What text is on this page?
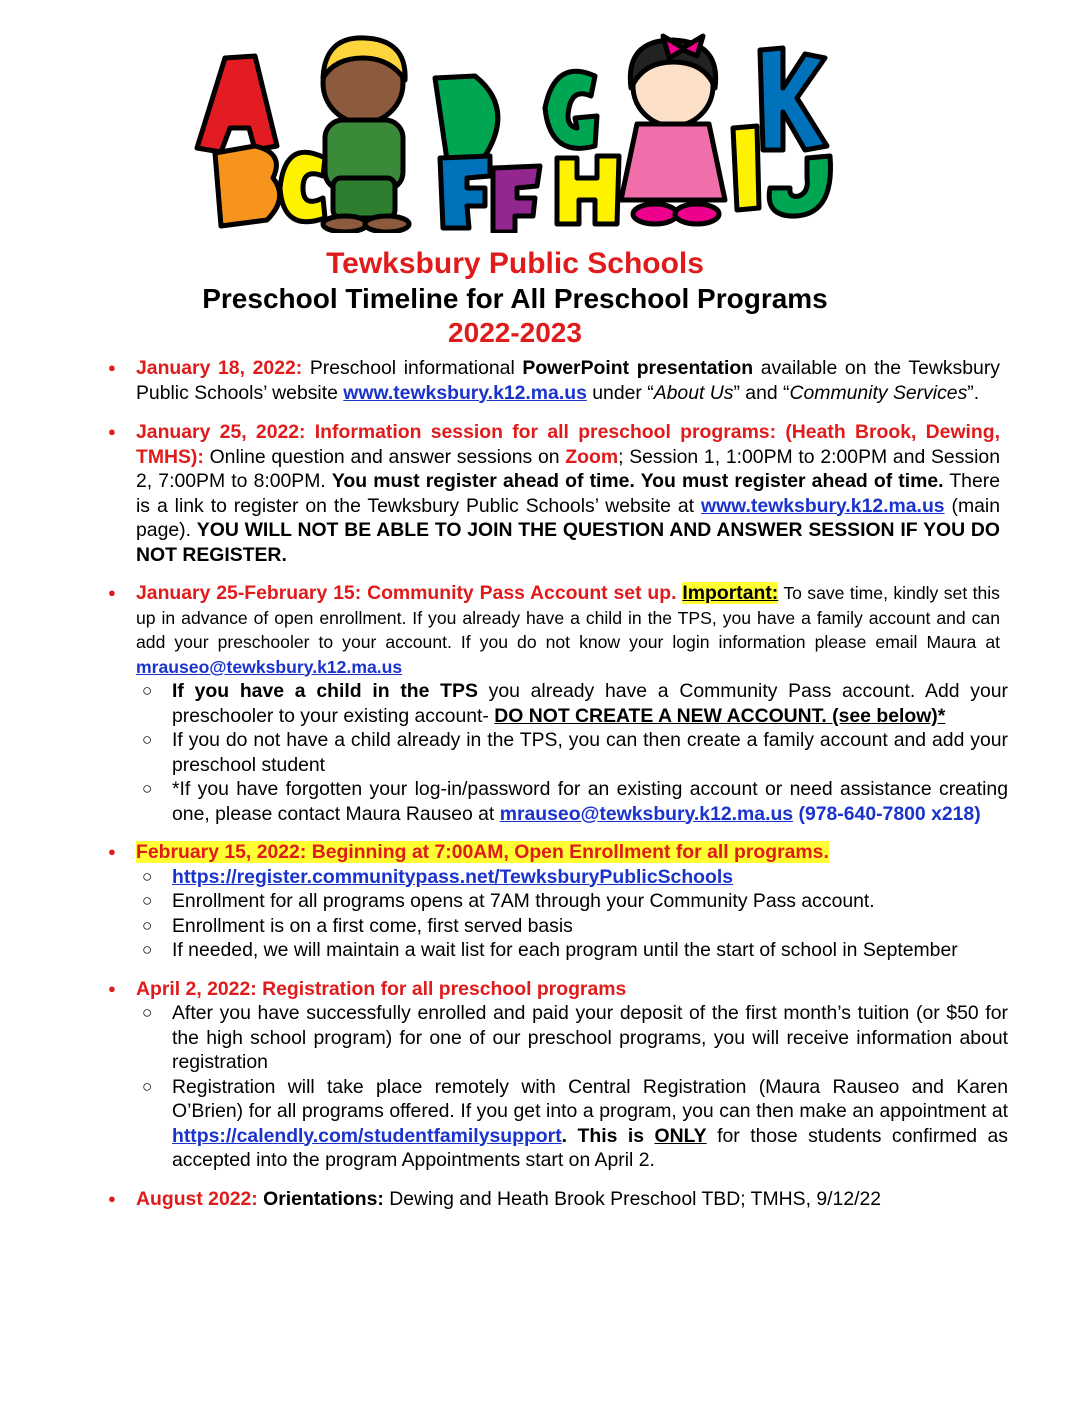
Tewksbury Public Schools
Preschool Timeline for All Preschool Programs
2022-2023
● January 18, 2022: Preschool informational PowerPoint presentation available on the Tewksbury Public Schools’ website www.tewksbury.k12.ma.us under “About Us” and “Community Services”.
● January 25, 2022: Information session for all preschool programs: (Heath Brook, Dewing, TMHS): Online question and answer sessions on Zoom; Session 1, 1:00PM to 2:00PM and Session 2, 7:00PM to 8:00PM. You must register ahead of time. You must register ahead of time. There is a link to register on the Tewksbury Public Schools’ website at www.tewksbury.k12.ma.us (main page). YOU WILL NOT BE ABLE TO JOIN THE QUESTION AND ANSWER SESSION IF YOU DO NOT REGISTER.
● January 25-February 15: Community Pass Account set up. Important: To save time, kindly set this up in advance of open enrollment. If you already have a child in the TPS, you have a family account and can add your preschooler to your account. If you do not know your login information please email Maura at mrauseo@tewksbury.k12.ma.us
○ If you have a child in the TPS you already have a Community Pass account. Add your preschooler to your existing account- DO NOT CREATE A NEW ACCOUNT. (see below)*
○ If you do not have a child already in the TPS, you can then create a family account and add your preschool student
○ *If you have forgotten your log-in/password for an existing account or need assistance creating one, please contact Maura Rauseo at mrauseo@tewksbury.k12.ma.us (978-640-7800 x218)
● February 15, 2022: Beginning at 7:00AM, Open Enrollment for all programs.
○ https://register.communitypass.net/TewksburyPublicSchools
○ Enrollment for all programs opens at 7AM through your Community Pass account.
○ Enrollment is on a first come, first served basis
○ If needed, we will maintain a wait list for each program until the start of school in September
● April 2, 2022: Registration for all preschool programs
○ After you have successfully enrolled and paid your deposit of the first month’s tuition (or $50 for the high school program) for one of our preschool programs, you will receive information about registration
○ Registration will take place remotely with Central Registration (Maura Rauseo and Karen O’Brien) for all programs offered. If you get into a program, you can then make an appointment at https://calendly.com/studentfamilysupport. This is ONLY for those students confirmed as accepted into the program Appointments start on April 2.
● August 2022: Orientations: Dewing and Heath Brook Preschool TBD; TMHS, 9/12/22
